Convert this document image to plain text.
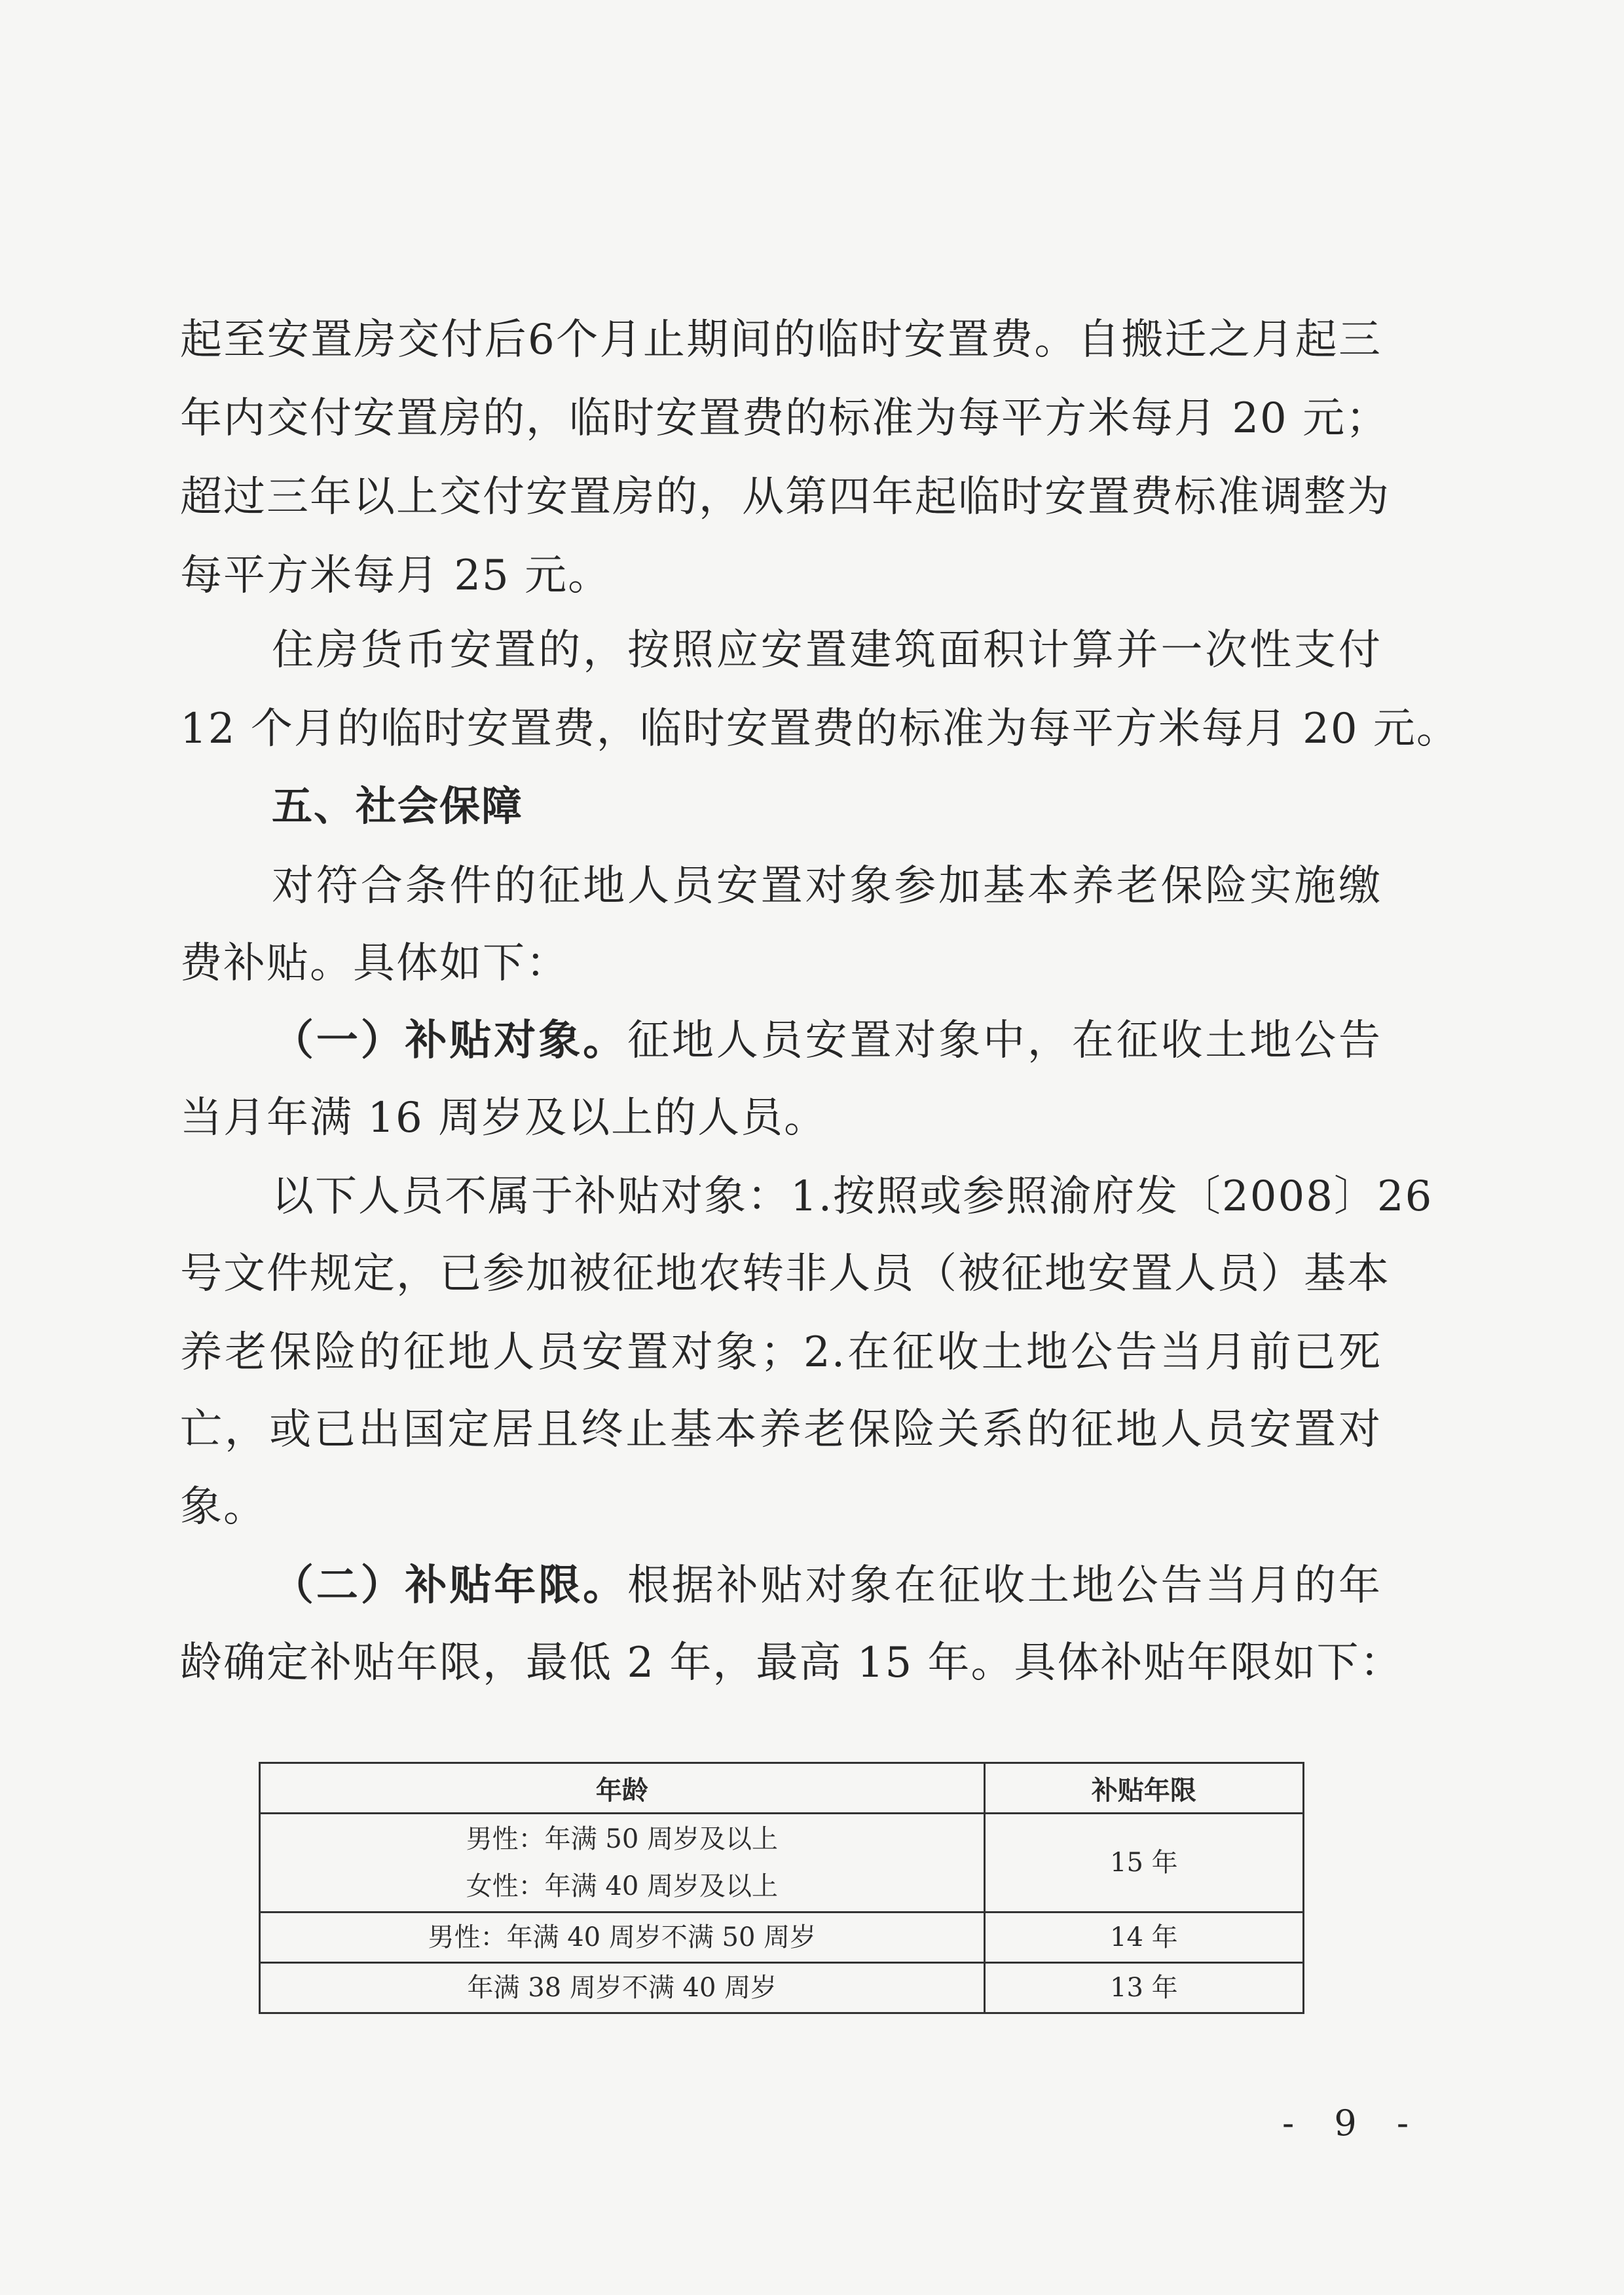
起至安置房交付后6个月止期间的临时安置费。自搬迁之月起三
年内交付安置房的，临时安置费的标准为每平方米每月 20 元；
超过三年以上交付安置房的，从第四年起临时安置费标准调整为
每平方米每月 25 元。
住房货币安置的，按照应安置建筑面积计算并一次性支付
12 个月的临时安置费，临时安置费的标准为每平方米每月 20 元。
五、社会保障
对符合条件的征地人员安置对象参加基本养老保险实施缴
费补贴。具体如下：
（一）补贴对象。征地人员安置对象中，在征收土地公告
当月年满 16 周岁及以上的人员。
以下人员不属于补贴对象：1.按照或参照渝府发〔2008〕26
号文件规定，已参加被征地农转非人员（被征地安置人员）基本
养老保险的征地人员安置对象；2.在征收土地公告当月前已死
亡，或已出国定居且终止基本养老保险关系的征地人员安置对
象。
（二）补贴年限。根据补贴对象在征收土地公告当月的年
龄确定补贴年限，最低 2 年，最高 15 年。具体补贴年限如下：
年龄	补贴年限

男性：年满 50 周岁及以上
女性：年满 40 周岁及以上	15 年
男性：年满 40 周岁不满 50 周岁	14 年
年满 38 周岁不满 40 周岁	13 年
- 9 -
